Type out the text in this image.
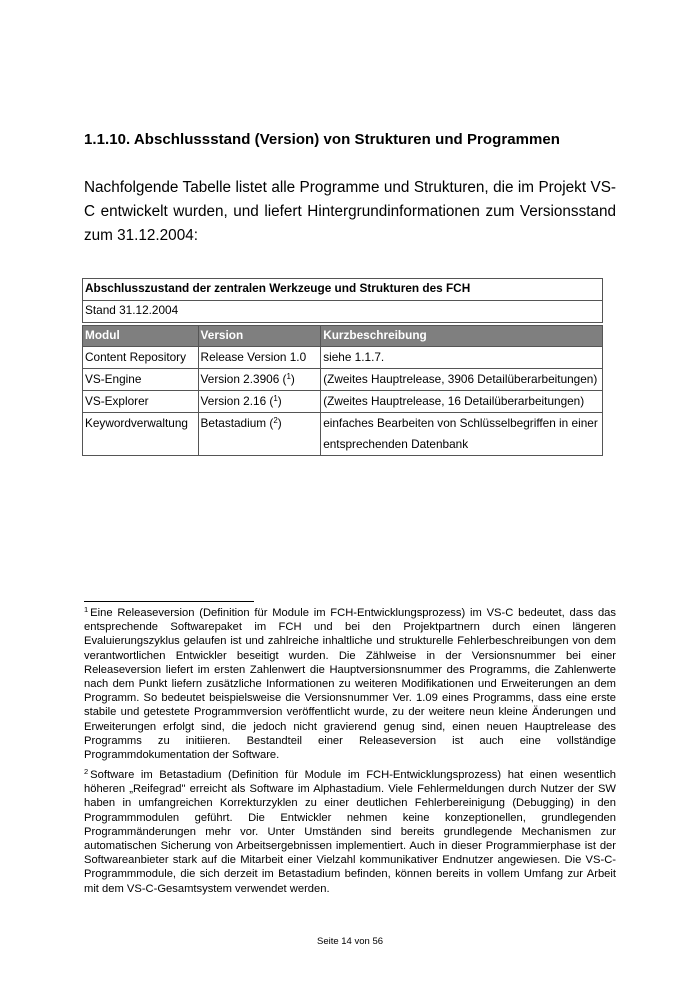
1.1.10. Abschlussstand (Version) von Strukturen und Programmen
Nachfolgende Tabelle listet alle Programme und Strukturen, die im Projekt VS-C entwickelt wurden, und liefert Hintergrundinformationen zum Versionsstand zum 31.12.2004:
Abschlusszustand der zentralen Werkzeuge und Strukturen des FCH		
Stand 31.12.2004		
Modul	Version	Kurzbeschreibung
Content Repository	Release Version 1.0	siehe 1.1.7.
VS-Engine	Version 2.3906 ($^1$)	(Zweites Hauptrelease, 3906 Detailüberarbeitungen)
VS-Explorer	Version 2.16 ($^1$)	(Zweites Hauptrelease, 16 Detailüberarbeitungen)
Keywordverwaltung	Betastadium ($^2$)	einfaches Bearbeiten von Schlüsselbegriffen in einer entsprechenden Datenbank
$^1$ Eine Releaseversion (Definition für Module im FCH-Entwicklungsprozess) im VS-C bedeutet, dass das entsprechende Softwarepaket im FCH und bei den Projektpartnern durch einen längeren Evaluierungszyklus gelaufen ist und zahlreiche inhaltliche und strukturelle Fehlerbeschreibungen von dem verantwortlichen Entwickler beseitigt wurden. Die Zählweise in der Versionsnummer bei einer Releaseversion liefert im ersten Zahlenwert die Hauptversionsnummer des Programms, die Zahlenwerte nach dem Punkt liefern zusätzliche Informationen zu weiteren Modifikationen und Erweiterungen an dem Programm. So bedeutet beispielsweise die Versionsnummer Ver. 1.09 eines Programms, dass eine erste stabile und getestete Programmversion veröffentlicht wurde, zu der weitere neun kleine Änderungen und Erweiterungen erfolgt sind, die jedoch nicht gravierend genug sind, einen neuen Hauptrelease des Programms zu initiieren. Bestandteil einer Releaseversion ist auch eine vollständige Programmdokumentation der Software.
$^2$ Software im Betastadium (Definition für Module im FCH-Entwicklungsprozess) hat einen wesentlich höheren „Reifegrad" erreicht als Software im Alphastadium. Viele Fehlermeldungen durch Nutzer der SW haben in umfangreichen Korrekturzyklen zu einer deutlichen Fehlerbereinigung (Debugging) in den Programmmodulen geführt. Die Entwickler nehmen keine konzeptionellen, grundlegenden Programmänderungen mehr vor. Unter Umständen sind bereits grundlegende Mechanismen zur automatischen Sicherung von Arbeitsergebnissen implementiert. Auch in dieser Programmierphase ist der Softwareanbieter stark auf die Mitarbeit einer Vielzahl kommunikativer Endnutzer angewiesen. Die VS-C-Programmmodule, die sich derzeit im Betastadium befinden, können bereits in vollem Umfang zur Arbeit mit dem VS-C-Gesamtsystem verwendet werden.
Seite 14 von 56
